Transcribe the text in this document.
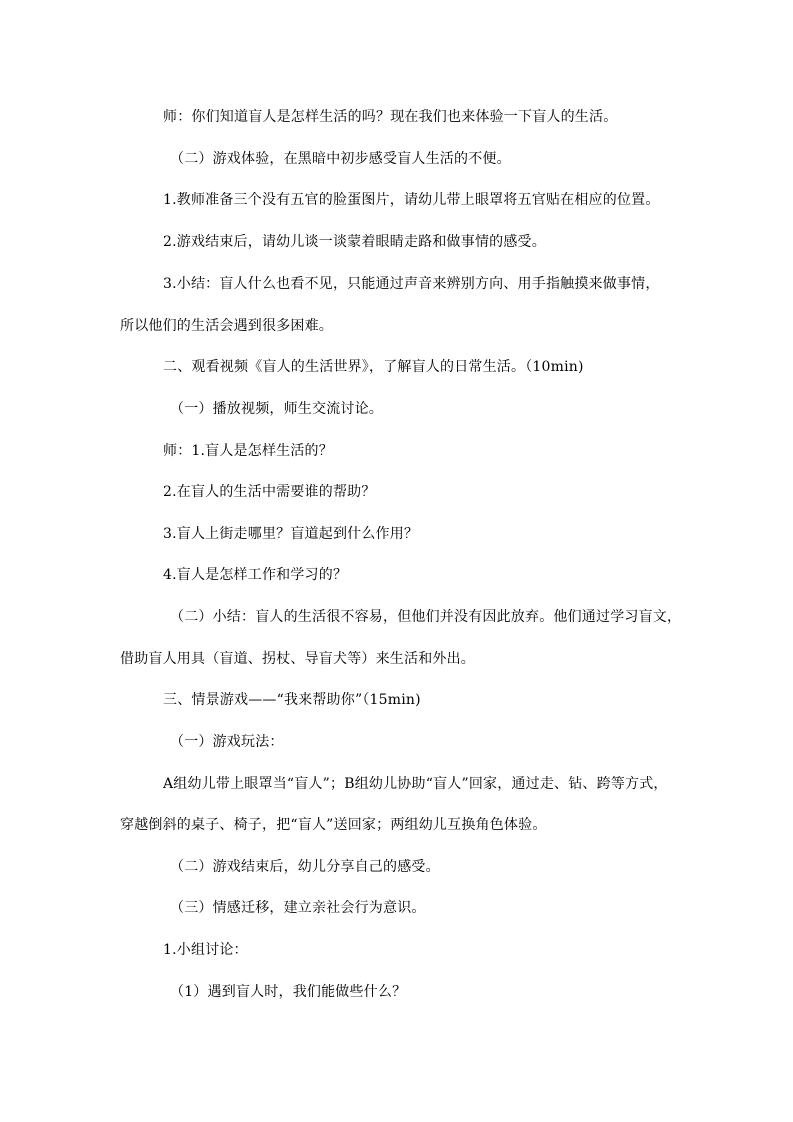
师：你们知道盲人是怎样生活的吗？现在我们也来体验一下盲人的生活。
（二）游戏体验，在黑暗中初步感受盲人生活的不便。
1.教师准备三个没有五官的脸蛋图片，请幼儿带上眼罩将五官贴在相应的位置。
2.游戏结束后，请幼儿谈一谈蒙着眼睛走路和做事情的感受。
3.小结：盲人什么也看不见，只能通过声音来辨别方向、用手指触摸来做事情，
所以他们的生活会遇到很多困难。
二、观看视频《盲人的生活世界》，了解盲人的日常生活。（10min)
（一）播放视频，师生交流讨论。
师：1.盲人是怎样生活的？
2.在盲人的生活中需要谁的帮助？
3.盲人上街走哪里？盲道起到什么作用？
4.盲人是怎样工作和学习的？
（二）小结：盲人的生活很不容易，但他们并没有因此放弃。他们通过学习盲文，
借助盲人用具（盲道、拐杖、导盲犬等）来生活和外出。
三、情景游戏——“我来帮助你”（15min)
（一）游戏玩法：
A组幼儿带上眼罩当“盲人”；B组幼儿协助“盲人”回家，通过走、钻、跨等方式，
穿越倒斜的桌子、椅子，把“盲人”送回家；两组幼儿互换角色体验。
（二）游戏结束后，幼儿分享自己的感受。
（三）情感迁移，建立亲社会行为意识。
1.小组讨论：
（1）遇到盲人时，我们能做些什么？
